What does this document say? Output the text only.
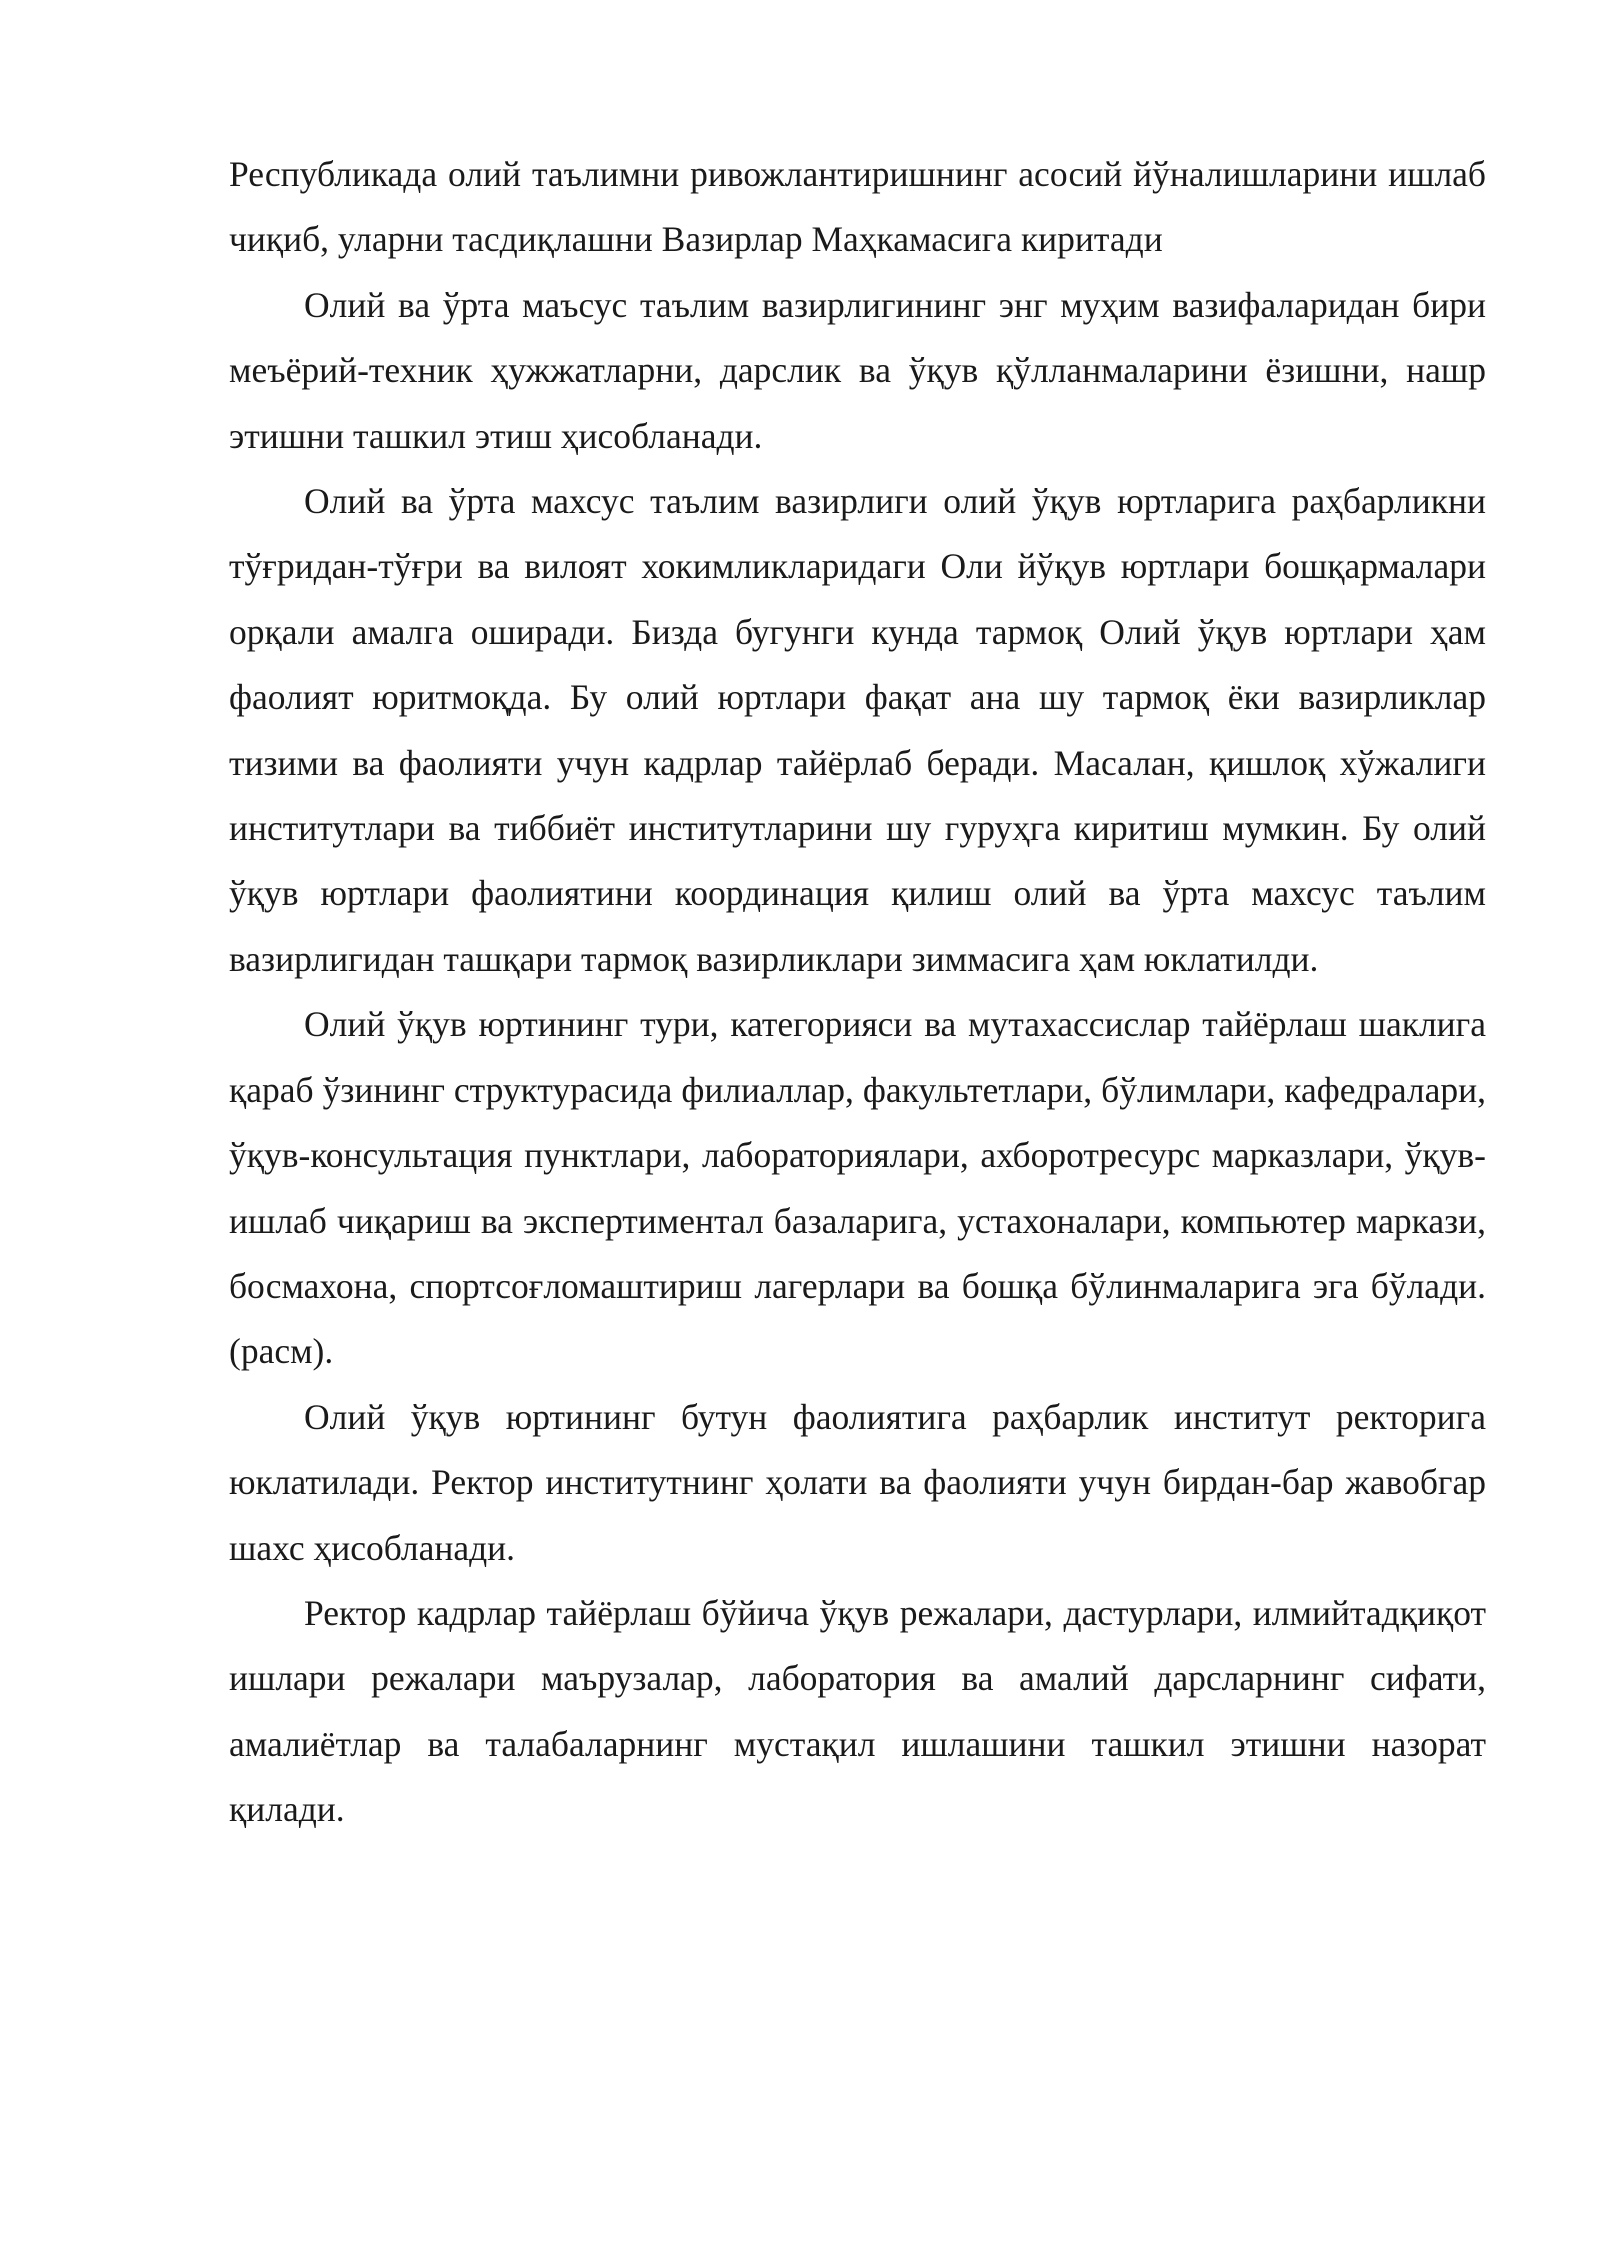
Республикада олий таълимни ривожлантиришнинг асосий йўналишларини ишлаб чиқиб, уларни тасдиқлашни Вазирлар Маҳкамасига киритади

Олий ва ўрта маъсус таълим вазирлигининг энг муҳим вазифаларидан бири меъёрий-техник ҳужжатларни, дарслик ва ўқув қўлланмаларини ёзишни, нашр этишни ташкил этиш ҳисобланади.

Олий ва ўрта махсус таълим вазирлиги олий ўқув юртларига раҳбарликни тўғридан-тўғри ва вилоят хокимликларидаги Оли йўқув юртлари бошқармалари орқали амалга оширади. Бизда бугунги кунда тармоқ Олий ўқув юртлари ҳам фаолият юритмоқда. Бу олий юртлари фақат ана шу тармоқ ёки вазирликлар тизими ва фаолияти учун кадрлар тайёрлаб беради. Масалан, қишлоқ хўжалиги институтлари ва тиббиёт институтларини шу гуруҳга киритиш мумкин. Бу олий ўқув юртлари фаолиятини координация қилиш олий ва ўрта махсус таълим вазирлигидан ташқари тармоқ вазирликлари зиммасига ҳам юклатилди.

Олий ўқув юртининг тури, категорияси ва мутахассислар тайёрлаш шаклига қараб ўзининг структурасида филиаллар, факультетлари, бўлимлари, кафедралари, ўқув-консультация пунктлари, лабораториялари, ахборотресурс марказлари, ўқув-ишлаб чиқариш ва экспертиментал базаларига, устахоналари, компьютер маркази, босмахона, спортсоғломаштириш лагерлари ва бошқа бўлинмаларига эга бўлади. (расм).

Олий ўқув юртининг бутун фаолиятига раҳбарлик институт ректорига юклатилади. Ректор институтнинг ҳолати ва фаолияти учун бирдан-бар жавобгар шахс ҳисобланади.

Ректор кадрлар тайёрлаш бўйича ўқув режалари, дастурлари, илмийтадқиқот ишлари режалари маърузалар, лаборатория ва амалий дарсларнинг сифати, амалиётлар ва талабаларнинг мустақил ишлашини ташкил этишни назорат қилади.
